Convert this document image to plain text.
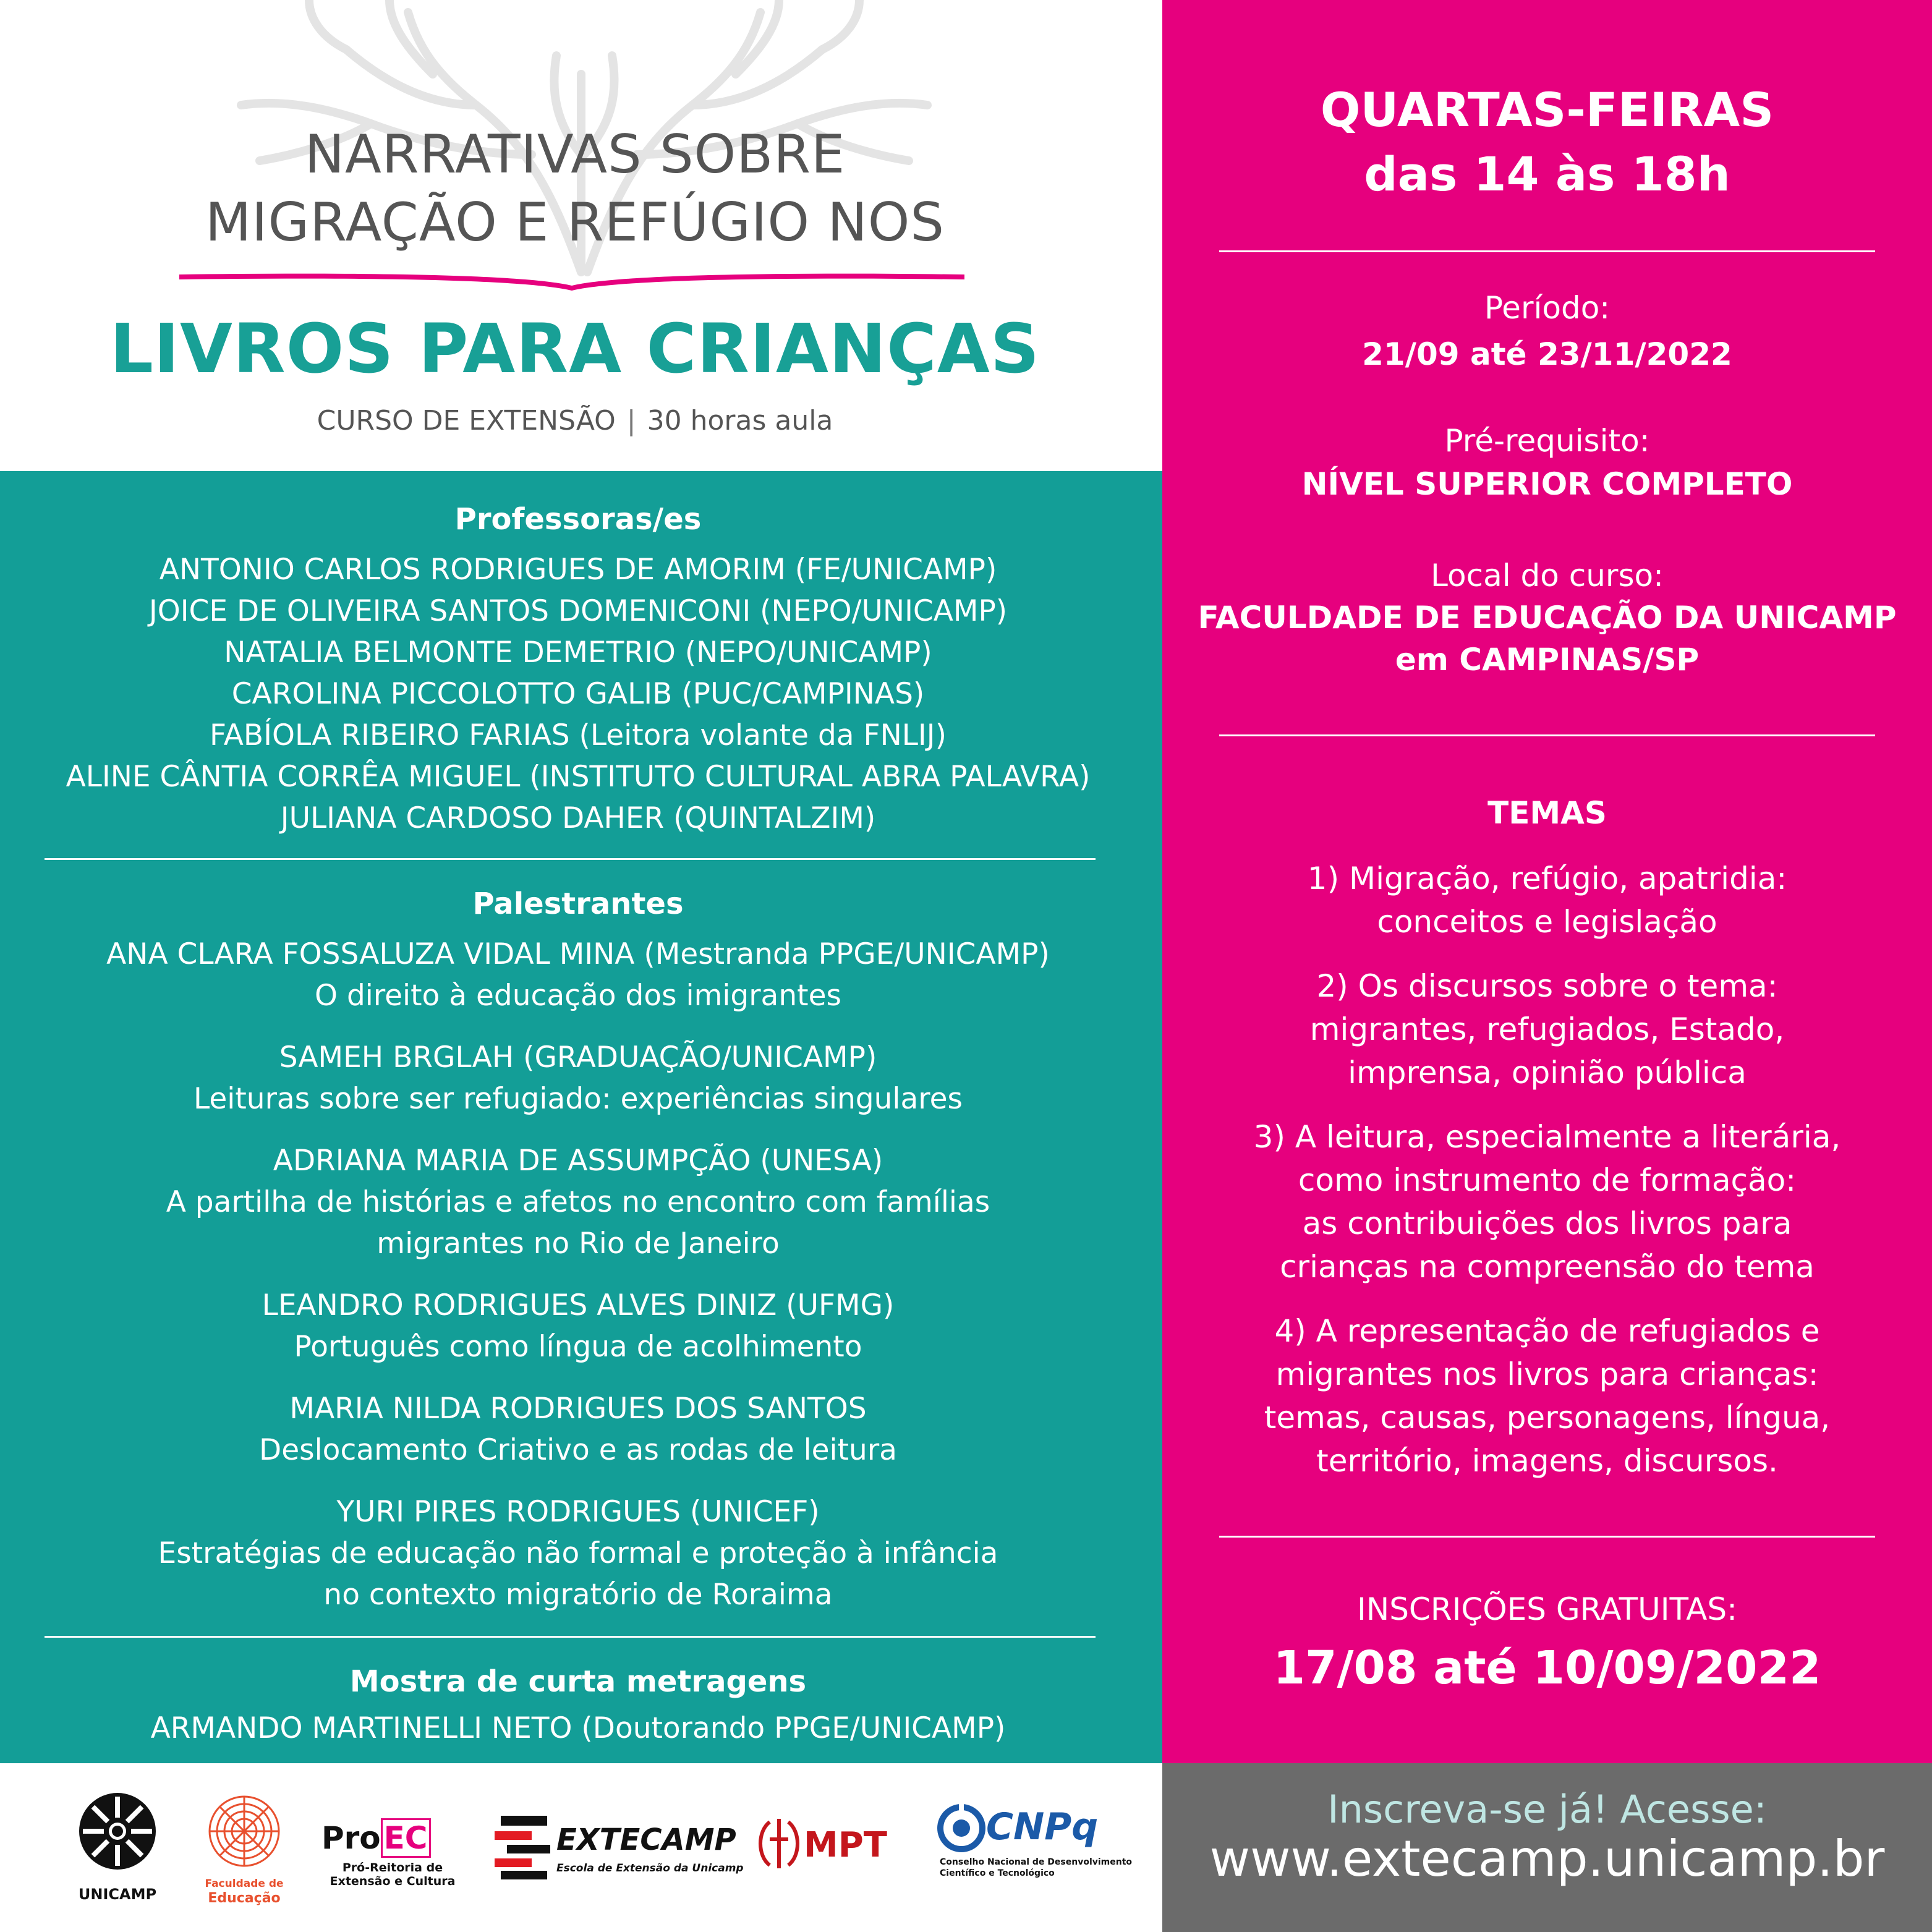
NARRATIVAS SOBRE
MIGRAÇÃO E REFÚGIO NOS
LIVROS PARA CRIANÇAS
CURSO DE EXTENSÃO | 30 horas aula
Professoras/es
ANTONIO CARLOS RODRIGUES DE AMORIM (FE/UNICAMP)
JOICE DE OLIVEIRA SANTOS DOMENICONI (NEPO/UNICAMP)
NATALIA BELMONTE DEMETRIO (NEPO/UNICAMP)
CAROLINA PICCOLOTTO GALIB (PUC/CAMPINAS)
FABÍOLA RIBEIRO FARIAS (Leitora volante da FNLIJ)
ALINE CÂNTIA CORRÊA MIGUEL (INSTITUTO CULTURAL ABRA PALAVRA)
JULIANA CARDOSO DAHER (QUINTALZIM)
Palestrantes
ANA CLARA FOSSALUZA VIDAL MINA (Mestranda PPGE/UNICAMP)
O direito à educação dos imigrantes
SAMEH BRGLAH (GRADUAÇÃO/UNICAMP)
Leituras sobre ser refugiado: experiências singulares
ADRIANA MARIA DE ASSUMPÇÃO (UNESA)
A partilha de histórias e afetos no encontro com famílias
migrantes no Rio de Janeiro
LEANDRO RODRIGUES ALVES DINIZ (UFMG)
Português como língua de acolhimento
MARIA NILDA RODRIGUES DOS SANTOS
Deslocamento Criativo e as rodas de leitura
YURI PIRES RODRIGUES (UNICEF)
Estratégias de educação não formal e proteção à infância
no contexto migratório de Roraima
Mostra de curta metragens
ARMANDO MARTINELLI NETO (Doutorando PPGE/UNICAMP)
QUARTAS-FEIRAS
das 14 às 18h
Período:
21/09 até 23/11/2022
Pré-requisito:
NÍVEL SUPERIOR COMPLETO
Local do curso:
FACULDADE DE EDUCAÇÃO DA UNICAMP
em CAMPINAS/SP
TEMAS
1) Migração, refúgio, apatridia:
conceitos e legislação
2) Os discursos sobre o tema:
migrantes, refugiados, Estado,
imprensa, opinião pública
3) A leitura, especialmente a literária,
como instrumento de formação:
as contribuições dos livros para
crianças na compreensão do tema
4) A representação de refugiados e
migrantes nos livros para crianças:
temas, causas, personagens, língua,
território, imagens, discursos.
INSCRIÇÕES GRATUITAS:
17/08 até 10/09/2022
UNICAMP
Faculdade de
Educação
Pro EC
Pró-Reitoria de
Extensão e Cultura
EXTECAMP
Escola de Extensão da Unicamp
MPT	CNPq
Conselho Nacional de Desenvolvimento
Científico e Tecnológico
Inscreva-se já! Acesse:
www.extecamp.unicamp.br
